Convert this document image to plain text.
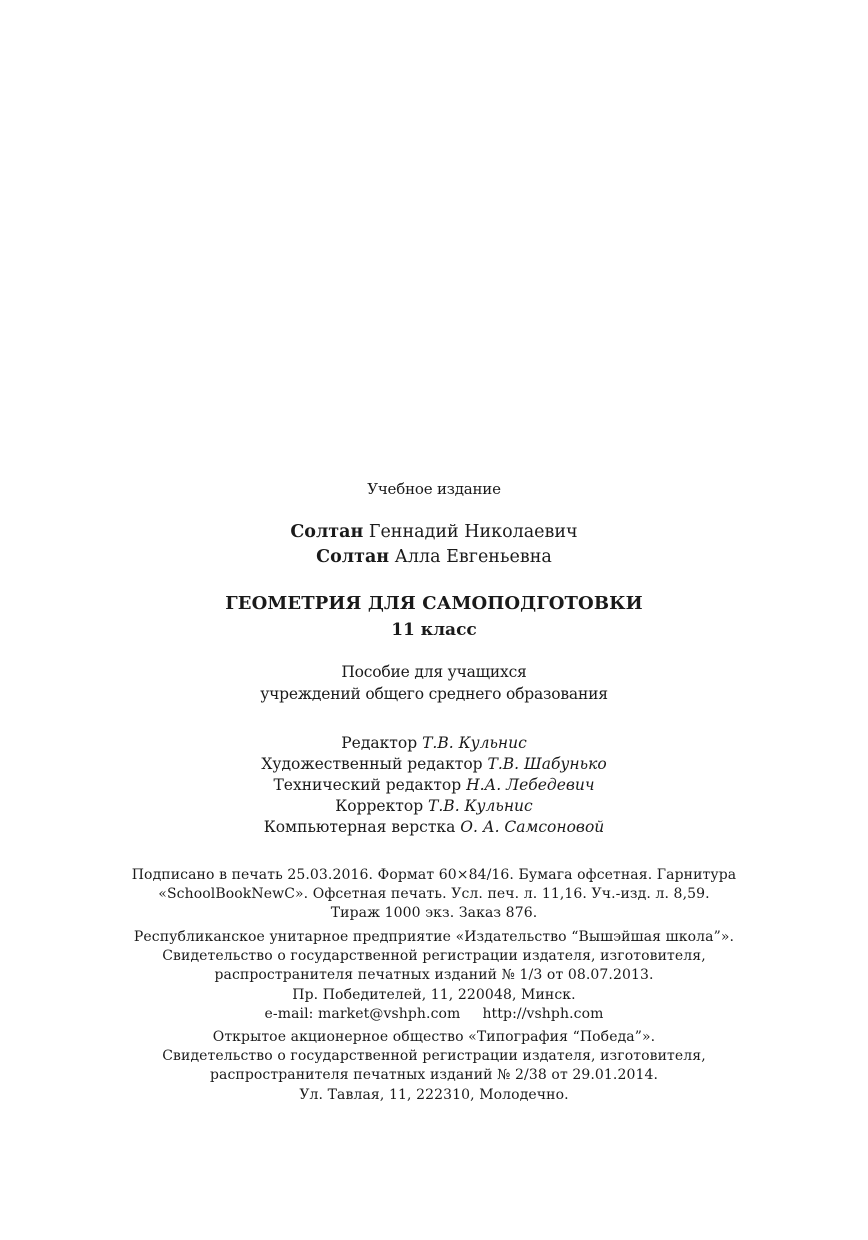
Учебное издание
Солтан Геннадий Николаевич
Солтан Алла Евгеньевна
ГЕОМЕТРИЯ ДЛЯ САМОПОДГОТОВКИ
11 класс
Пособие для учащихся
учреждений общего среднего образования
Редактор Т.В. Кульнис
Художественный редактор Т.В. Шабунько
Технический редактор Н.А. Лебедевич
Корректор Т.В. Кульнис
Компьютерная верстка О. А. Самсоновой
Подписано в печать 25.03.2016. Формат 60×84/16. Бумага офсетная. Гарнитура
«SchoolBookNewC». Офсетная печать. Усл. печ. л. 11,16. Уч.-изд. л. 8,59.
Тираж 1000 экз. Заказ 876.
Республиканское унитарное предприятие «Издательство “Вышэйшая школа”».
Свидетельство о государственной регистрации издателя, изготовителя,
распространителя печатных изданий № 1/3 от 08.07.2013.
Пр. Победителей, 11, 220048, Минск.
e-mail: market@vshph.com http://vshph.com
Открытое акционерное общество «Типография “Победа”».
Свидетельство о государственной регистрации издателя, изготовителя,
распространителя печатных изданий № 2/38 от 29.01.2014.
Ул. Тавлая, 11, 222310, Молодечно.
